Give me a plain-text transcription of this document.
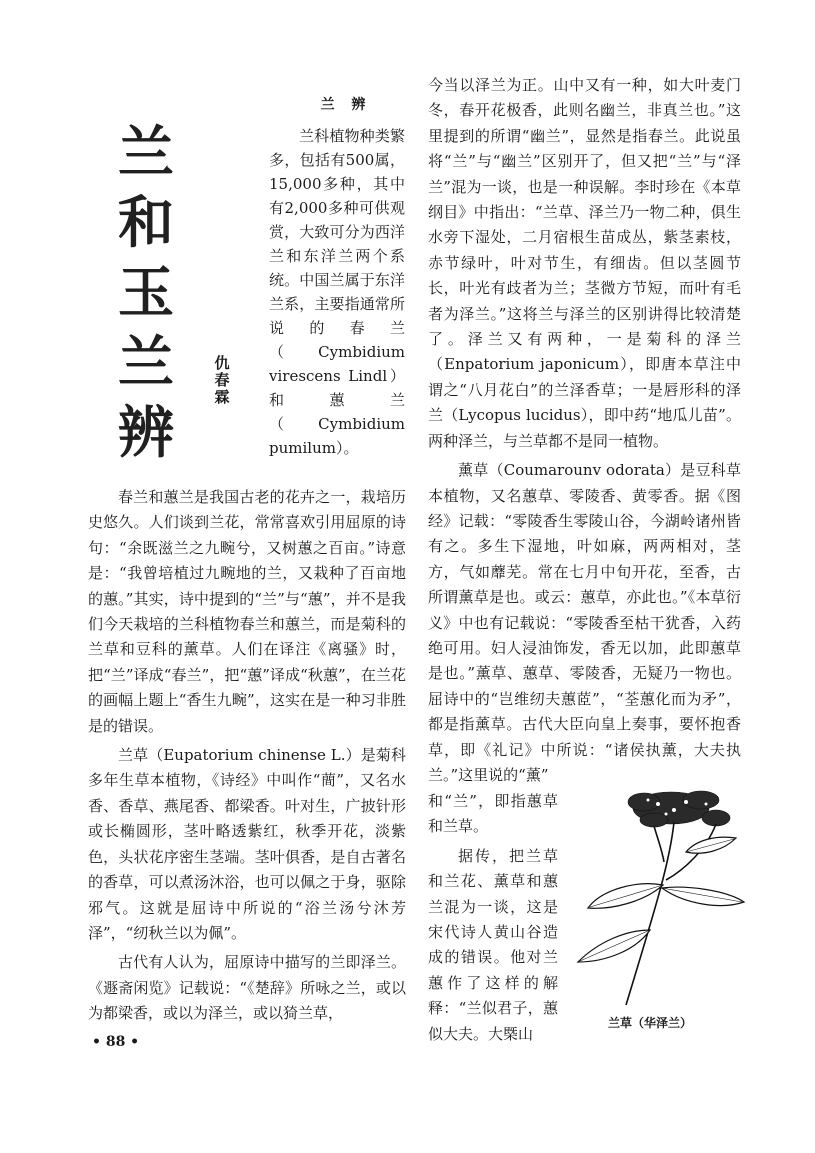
兰
和
玉
兰
辨
仇
春
霖
兰 辨

兰科植物种类繁多，包括有500属，15,000多种，其中有2,000多种可供观赏，大致可分为西洋兰和东洋兰两个系统。中国兰属于东洋兰系，主要指通常所说的春兰（Cymbidium virescens Lindl）和蕙兰（Cymbidium pumilum）。

春兰和蕙兰是我国古老的花卉之一，栽培历史悠久。人们谈到兰花，常常喜欢引用屈原的诗句：“余既滋兰之九畹兮，又树蕙之百亩。”诗意是：“我曾培植过九畹地的兰，又栽种了百亩地的蕙。”其实，诗中提到的“兰”与“蕙”，并不是我们今天栽培的兰科植物春兰和蕙兰，而是菊科的兰草和豆科的薰草。人们在译注《离骚》时，把“兰”译成“春兰”，把“蕙”译成“秋蕙”，在兰花的画幅上题上“香生九畹”，这实在是一种习非胜是的错误。

兰草（Eupatorium chinense L.）是菊科多年生草本植物，《诗经》中叫作“蕳”，又名水香、香草、燕尾香、都梁香。叶对生，广披针形或长椭圆形，茎叶略透紫红，秋季开花，淡紫色，头状花序密生茎端。茎叶俱香，是自古著名的香草，可以煮汤沐浴，也可以佩之于身，驱除邪气。这就是屈诗中所说的“浴兰汤兮沐芳泽”，“纫秋兰以为佩”。

古代有人认为，屈原诗中描写的兰即泽兰。《遯斋闲览》记载说：“《楚辞》所咏之兰，或以为都梁香，或以为泽兰，或以猗兰草，

今当以泽兰为正。山中又有一种，如大叶麦门冬，春开花极香，此则名幽兰，非真兰也。”这里提到的所谓“幽兰”，显然是指春兰。此说虽将“兰”与“幽兰”区别开了，但又把“兰”与“泽兰”混为一谈，也是一种误解。李时珍在《本草纲目》中指出：“兰草、泽兰乃一物二种，俱生水旁下湿处，二月宿根生苗成丛，紫茎素枝，赤节绿叶，叶对节生，有细齿。但以茎圆节长，叶光有歧者为兰；茎微方节短，而叶有毛者为泽兰。”这将兰与泽兰的区别讲得比较清楚了。泽兰又有两种，一是菊科的泽兰（Enpatorium japonicum），即唐本草注中谓之“八月花白”的兰泽香草；一是唇形科的泽兰（Lycopus lucidus），即中药“地瓜儿苗”。两种泽兰，与兰草都不是同一植物。

薰草（Coumarounv odorata）是豆科草本植物，又名蕙草、零陵香、黄零香。据《图经》记载：“零陵香生零陵山谷，今湖岭诸州皆有之。多生下湿地，叶如麻，两两相对，茎方，气如蘼芜。常在七月中旬开花，至香，古所谓薰草是也。或云：蕙草，亦此也。”《本草衍义》中也有记载说：“零陵香至枯干犹香，入药绝可用。妇人浸油饰发，香无以加，此即蕙草是也。”薰草、蕙草、零陵香，无疑乃一物也。屈诗中的“岂维纫夫蕙茝”，“荃蕙化而为矛”，都是指薰草。古代大臣向皇上奏事，要怀抱香草，即《礼记》中所说：“诸侯执薰，大夫执兰。”这里说的“薰”

和“兰”，即指蕙草和兰草。

据传，把兰草和兰花、薰草和蕙兰混为一谈，这是宋代诗人黄山谷造成的错误。他对兰蕙作了这样的解释：“兰似君子，蕙似大夫。大槩山

兰草（华泽兰）
• 88 •
